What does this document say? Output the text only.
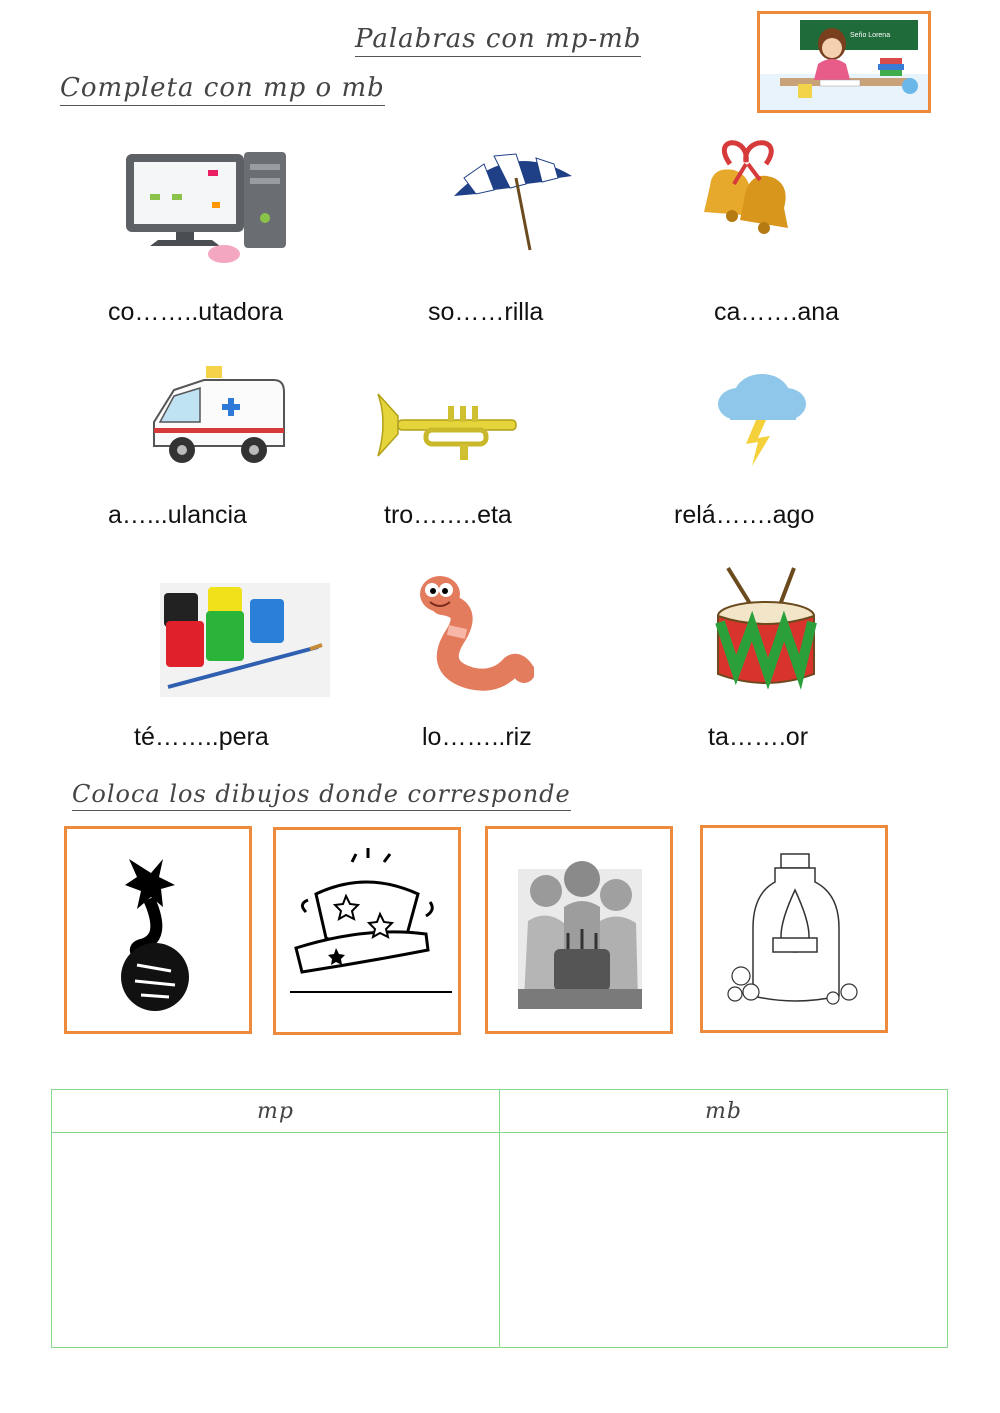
Palabras con mp-mb
Completa con mp o mb
Seño Lorena
co……..utadora	so……rilla	ca…….ana
a…...ulancia	tro……..eta	relá…….ago
té……..pera	lo……..riz	ta…….or
Coloca los dibujos donde corresponde
mp	mb
